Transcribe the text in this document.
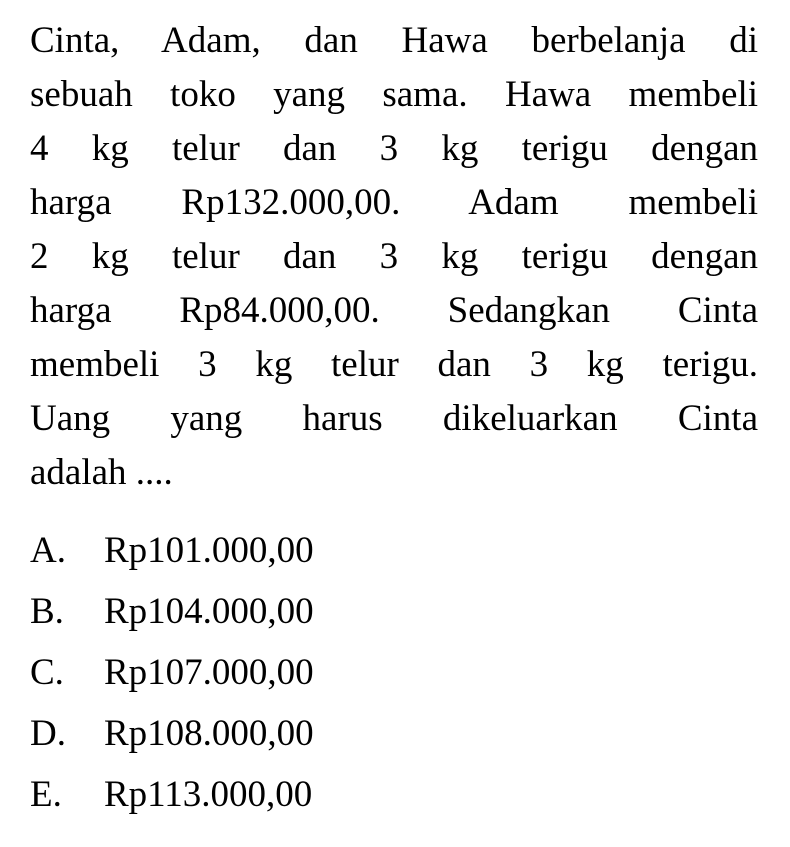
Cinta, Adam, dan Hawa berbelanja di
sebuah toko yang sama. Hawa membeli
4 kg telur dan 3 kg terigu dengan
harga Rp132.000,00. Adam membeli
2 kg telur dan 3 kg terigu dengan
harga Rp84.000,00. Sedangkan Cinta
membeli 3 kg telur dan 3 kg terigu.
Uang yang harus dikeluarkan Cinta
adalah ....
A.	Rp101.000,00
B.	Rp104.000,00
C.	Rp107.000,00
D.	Rp108.000,00
E.	Rp113.000,00
